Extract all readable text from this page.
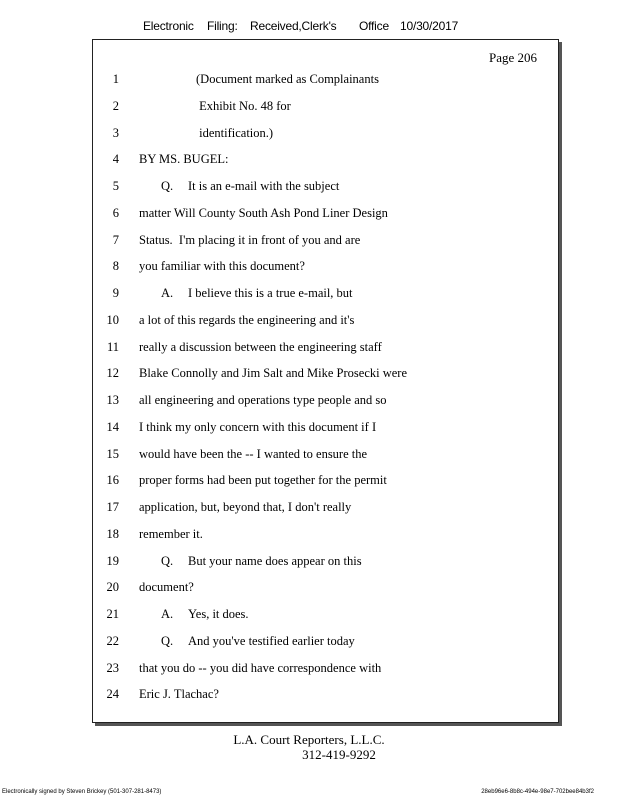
Electronic Filing: Received,Clerk's Office 10/30/2017
Page 206
1	(Document marked as Complainants
2	Exhibit No. 48 for
3	identification.)
4 BY MS. BUGEL:
5	Q. It is an e-mail with the subject
6 matter Will County South Ash Pond Liner Design
7 Status.  I'm placing it in front of you and are
8 you familiar with this document?
9	A. I believe this is a true e-mail, but
10 a lot of this regards the engineering and it's
11 really a discussion between the engineering staff
12 Blake Connolly and Jim Salt and Mike Prosecki were
13 all engineering and operations type people and so
14 I think my only concern with this document if I
15 would have been the -- I wanted to ensure the
16 proper forms had been put together for the permit
17 application, but, beyond that, I don't really
18 remember it.
19	Q. But your name does appear on this
20 document?
21	A. Yes, it does.
22	Q. And you've testified earlier today
23 that you do -- you did have correspondence with
24 Eric J. Tlachac?
L.A. Court Reporters, L.L.C.
312-419-9292
Electronically signed by Steven Brickey (501-307-281-8473)	28eb96e6-8b8c-494e-98e7-702bee84b3f2
